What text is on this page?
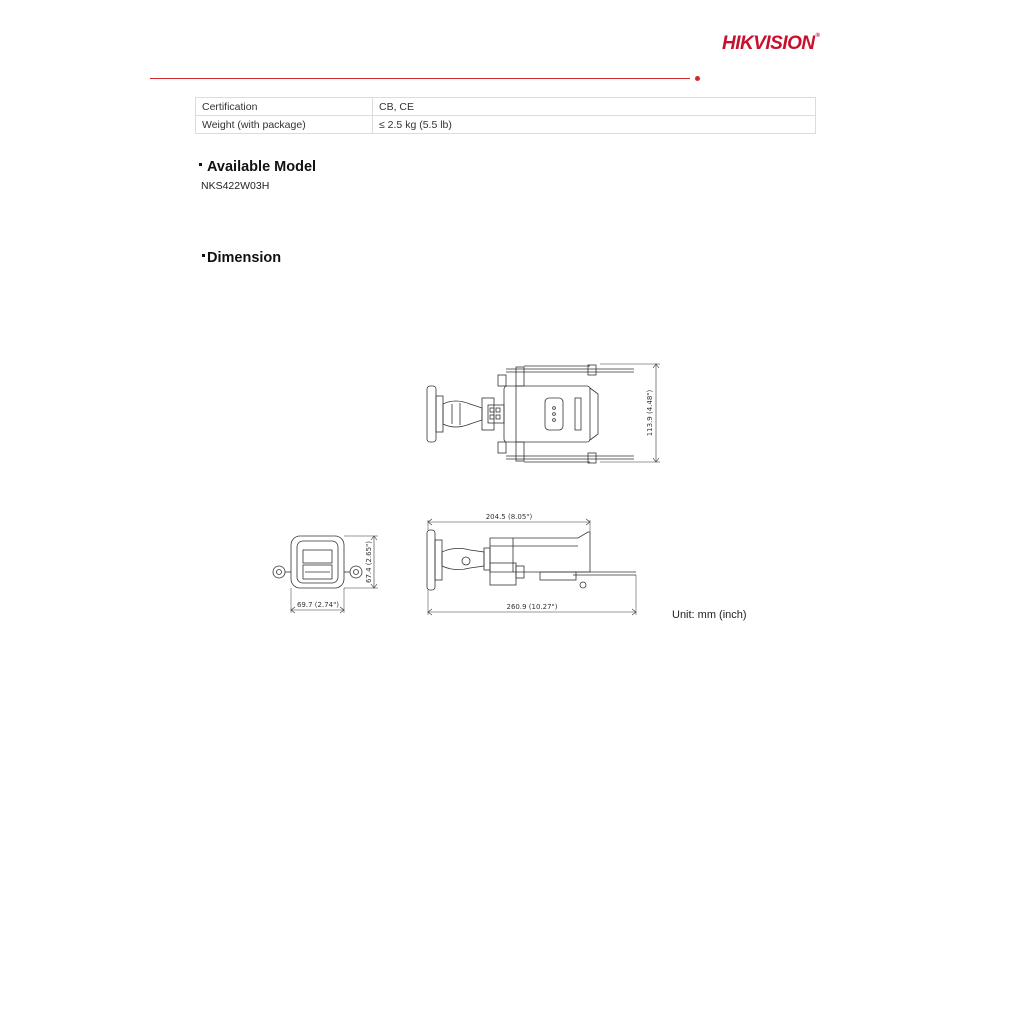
HIKVISION®
Certification	CB, CE
Weight (with package)	≤ 2.5 kg (5.5 lb)
Available Model
NKS422W03H
Dimension
113.9 (4.48")
204.5 (8.05")
260.9 (10.27")
69.7 (2.74")
67.4 (2.65")
Unit: mm (inch)
